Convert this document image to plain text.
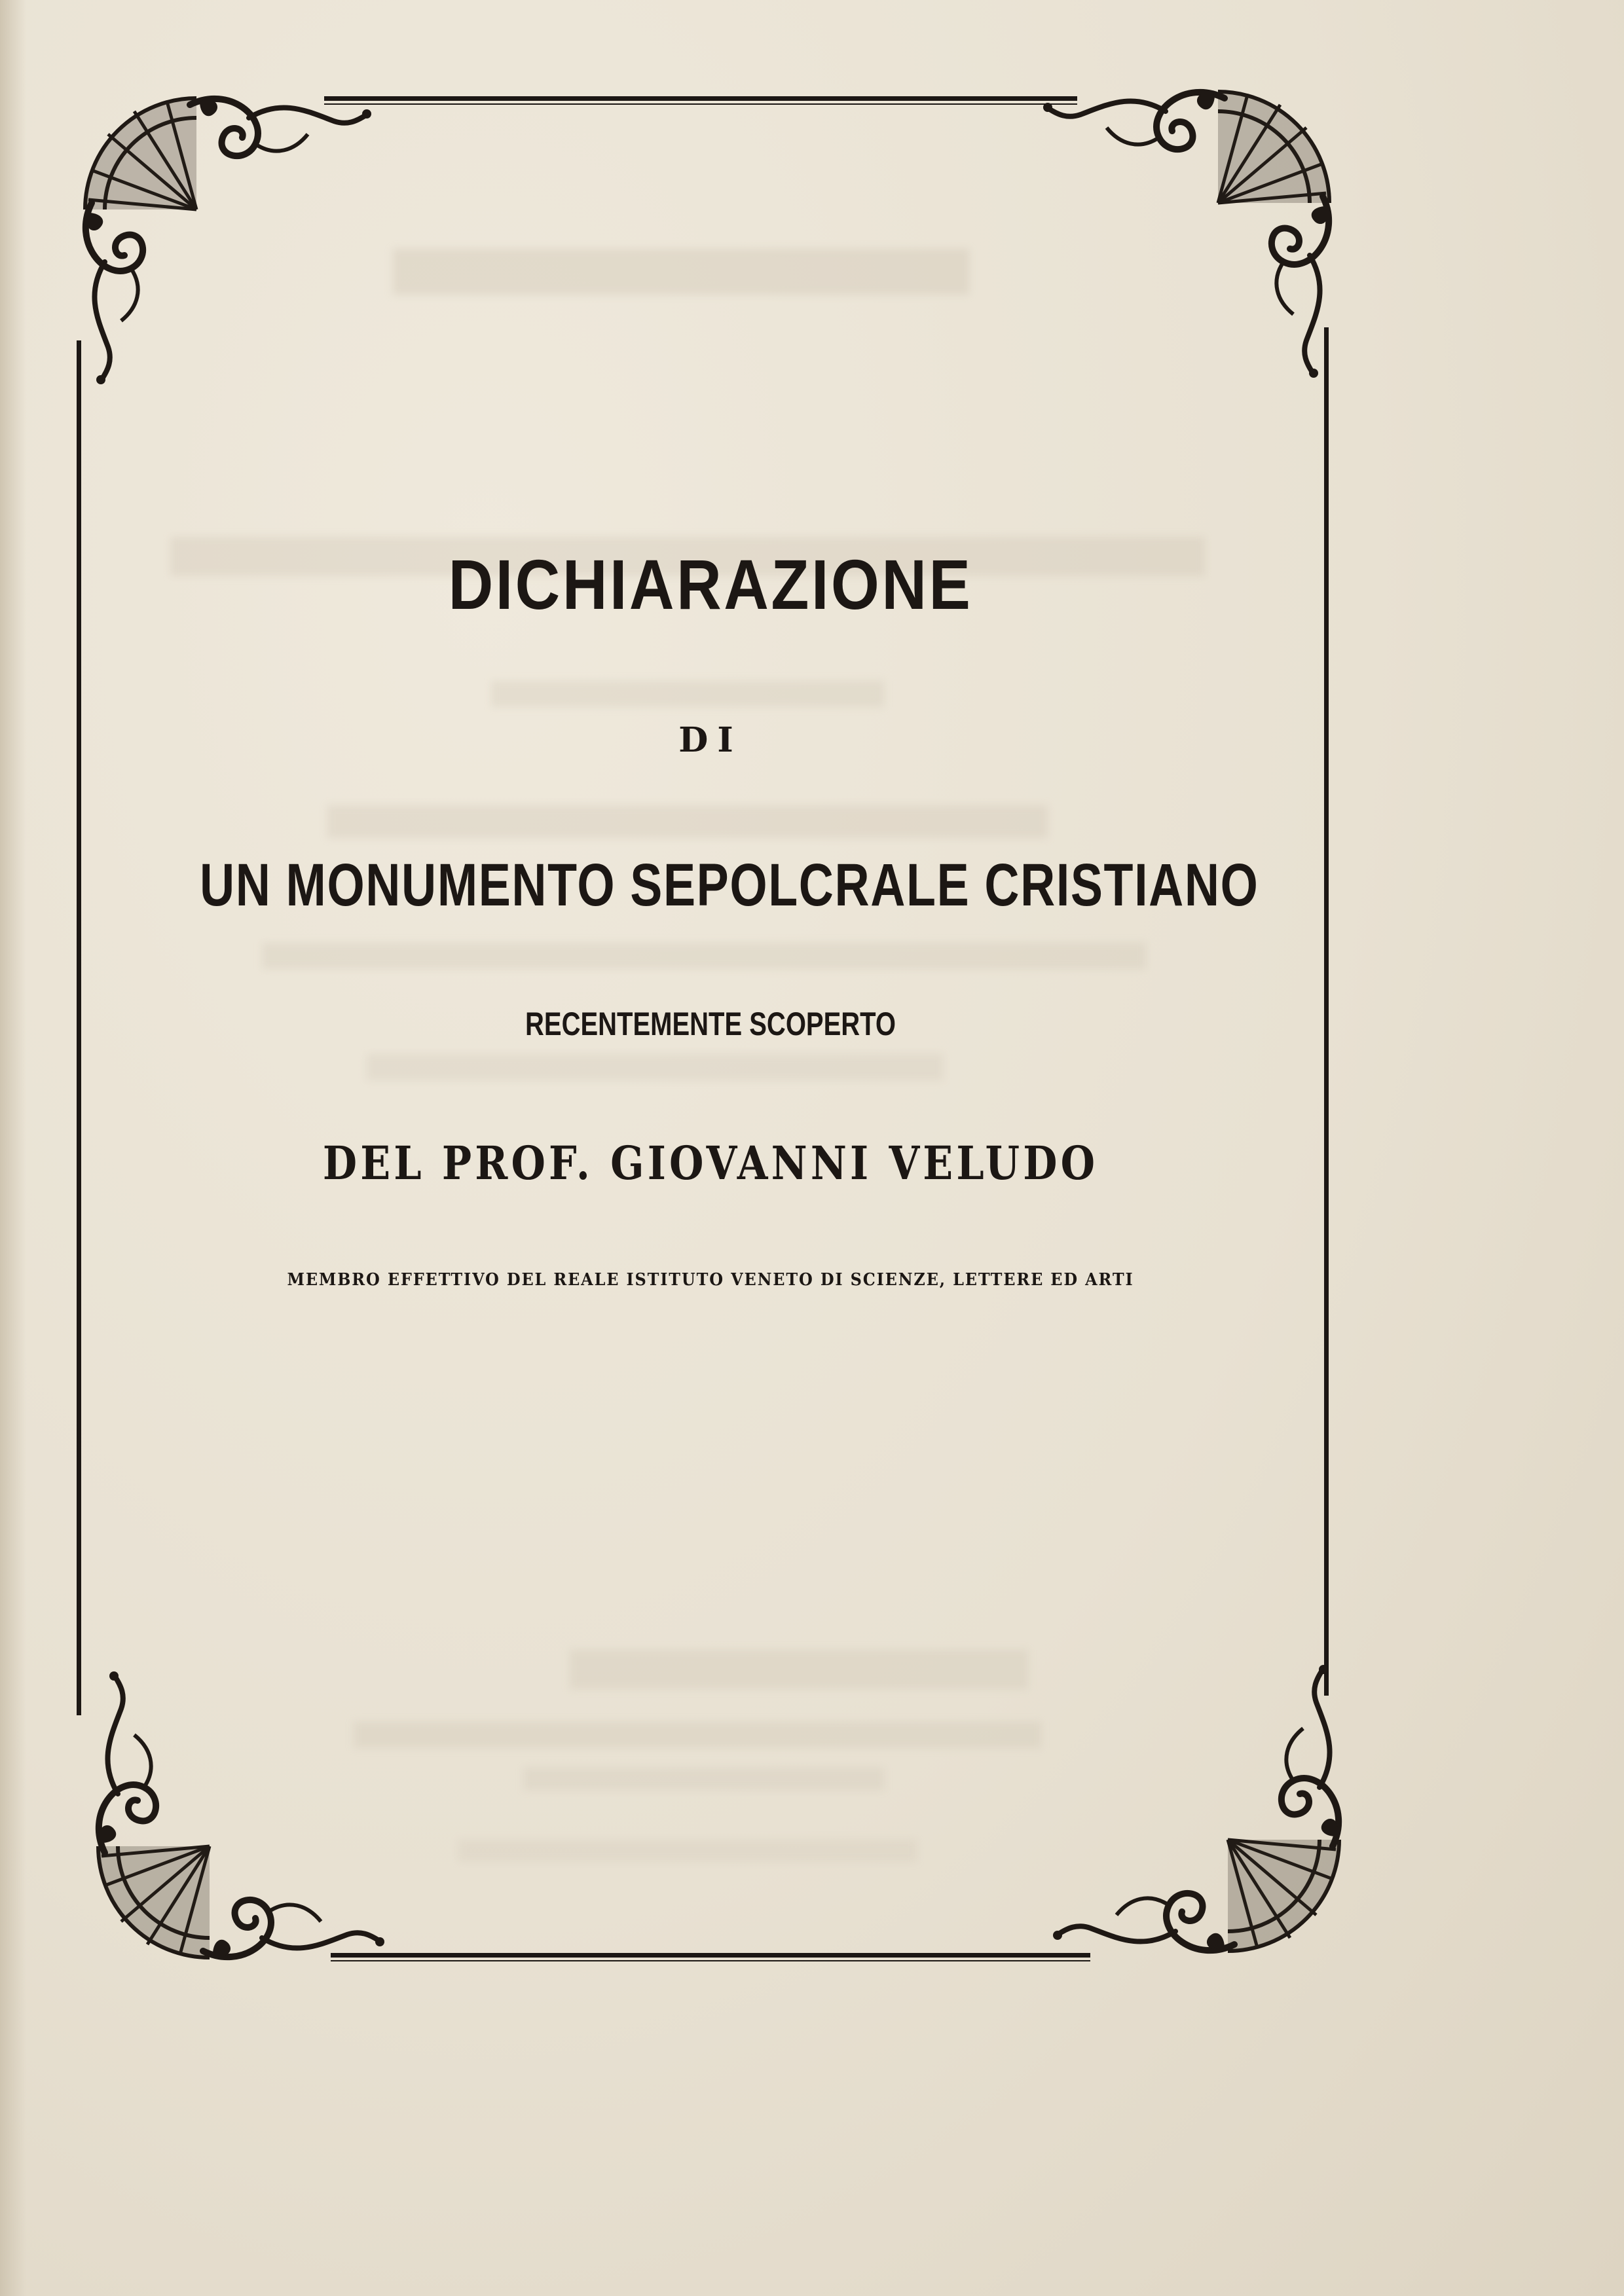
DICHIARAZIONE
DI
UN MONUMENTO SEPOLCRALE CRISTIANO
RECENTEMENTE SCOPERTO
DEL PROF. GIOVANNI VELUDO
MEMBRO EFFETTIVO DEL REALE ISTITUTO VENETO DI SCIENZE, LETTERE ED ARTI
